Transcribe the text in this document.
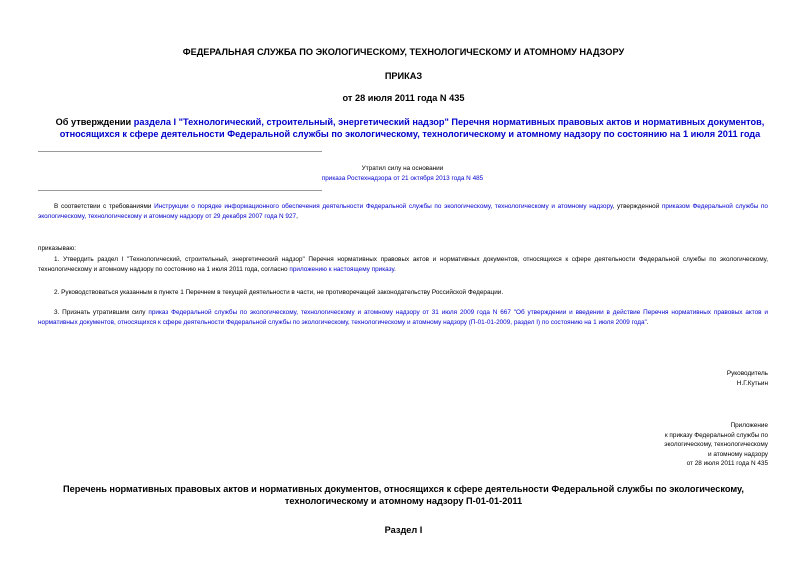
ФЕДЕРАЛЬНАЯ СЛУЖБА ПО ЭКОЛОГИЧЕСКОМУ, ТЕХНОЛОГИЧЕСКОМУ И АТОМНОМУ НАДЗОРУ
ПРИКАЗ
от 28 июля 2011 года N 435
Об утверждении раздела I "Технологический, строительный, энергетический надзор" Перечня нормативных правовых актов и нормативных документов, относящихся к сфере деятельности Федеральной службы по экологическому, технологическому и атомному надзору по состоянию на 1 июля 2011 года
Утратил силу на основании
приказа Ростехнадзора от 21 октября 2013 года N 485
В соответствии с требованиями Инструкции о порядке информационного обеспечения деятельности Федеральной службы по экологическому, технологическому и атомному надзору, утвержденной приказом Федеральной службы по экологическому, технологическому и атомному надзору от 29 декабря 2007 года N 927,
приказываю:
1. Утвердить раздел I "Технологический, строительный, энергетический надзор" Перечня нормативных правовых актов и нормативных документов, относящихся к сфере деятельности Федеральной службы по экологическому, технологическому и атомному надзору по состоянию на 1 июля 2011 года, согласно приложению к настоящему приказу.
2. Руководствоваться указанным в пункте 1 Перечнем в текущей деятельности в части, не противоречащей законодательству Российской Федерации.
3. Признать утратившим силу приказ Федеральной службы по экологическому, технологическому и атомному надзору от 31 июля 2009 года N 667 "Об утверждении и введении в действие Перечня нормативных правовых актов и нормативных документов, относящихся к сфере деятельности Федеральной службы по экологическому, технологическому и атомному надзору (П-01-01-2009, раздел I) по состоянию на 1 июля 2009 года".
Руководитель
Н.Г.Кутьин
Приложение
к приказу Федеральной службы по
экологическому, технологическому
и атомному надзору
от 28 июля 2011 года N 435
Перечень нормативных правовых актов и нормативных документов, относящихся к сфере деятельности Федеральной службы по экологическому, технологическому и атомному надзору П-01-01-2011
Раздел I
